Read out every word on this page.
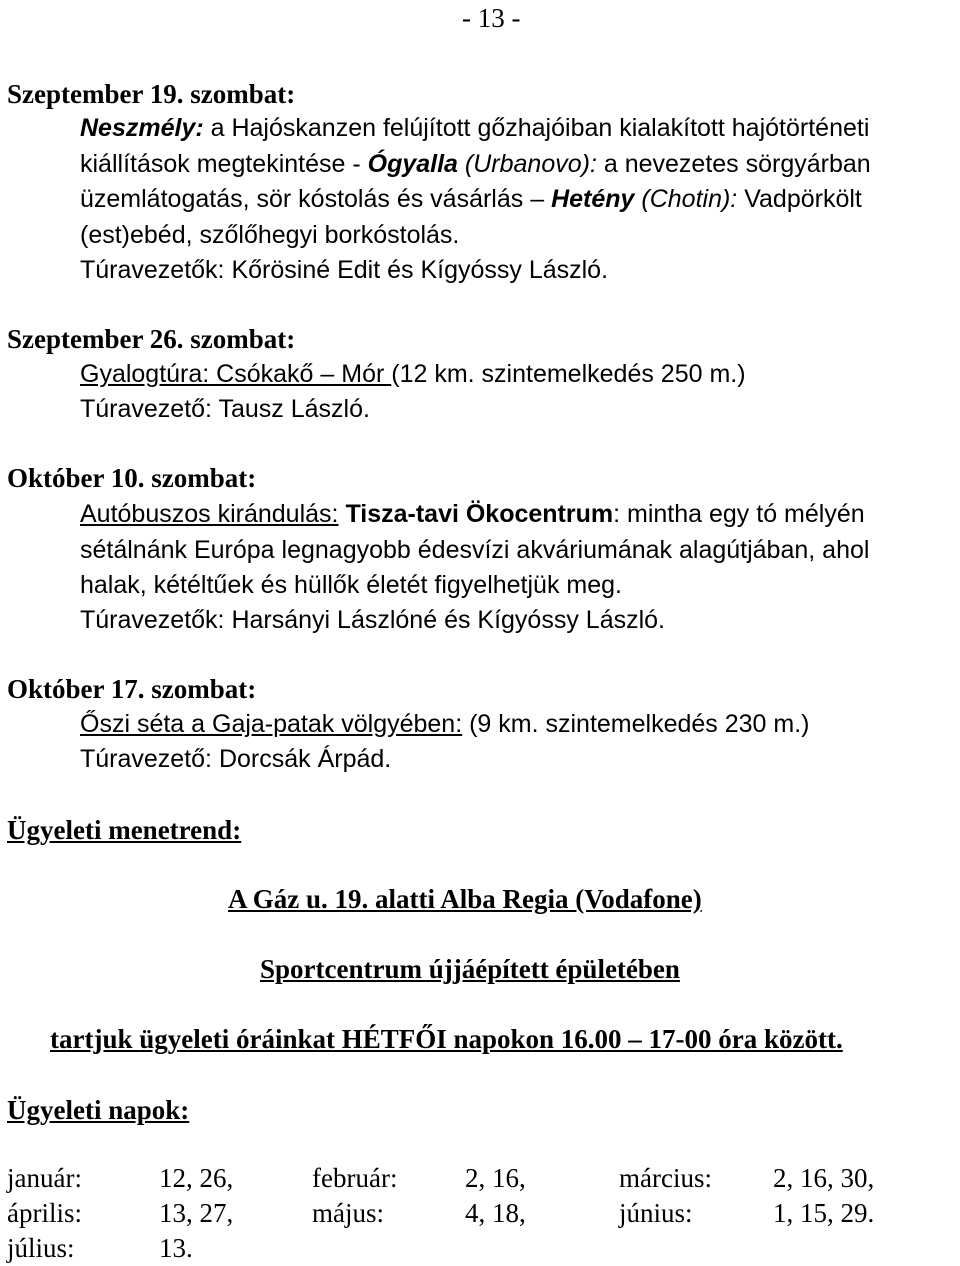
- 13 -
Szeptember 19. szombat:
Neszmély: a Hajóskanzen felújított gőzhajóiban kialakított hajótörténeti
kiállítások megtekintése - Ógyalla (Urbanovo): a nevezetes sörgyárban
üzemlátogatás, sör kóstolás és vásárlás – Hetény (Chotin): Vadpörkölt
(est)ebéd, szőlőhegyi borkóstolás.
Túravezetők: Kőrösiné Edit és Kígyóssy László.
Szeptember 26. szombat:
Gyalogtúra: Csókakő – Mór (12 km. szintemelkedés 250 m.)
Túravezető: Tausz László.
Október 10. szombat:
Autóbuszos kirándulás: Tisza-tavi Ökocentrum: mintha egy tó mélyén
sétálnánk Európa legnagyobb édesvízi akváriumának alagútjában, ahol
halak, kétéltűek és hüllők életét figyelhetjük meg.
Túravezetők: Harsányi Lászlóné és Kígyóssy László.
Október 17. szombat:
Őszi séta a Gaja-patak völgyében: (9 km. szintemelkedés 230 m.)
Túravezető: Dorcsák Árpád.
Ügyeleti menetrend:
A Gáz u. 19. alatti Alba Regia (Vodafone)
Sportcentrum újjáépített épületében
tartjuk ügyeleti óráinkat HÉTFŐI napokon 16.00 – 17-00 óra között.
Ügyeleti napok:
január:	12, 26,	február:	2, 16,	március: 2, 16, 30,
április:	13, 27,	május:	4, 18,	június:	1, 15, 29.
július:	13.
